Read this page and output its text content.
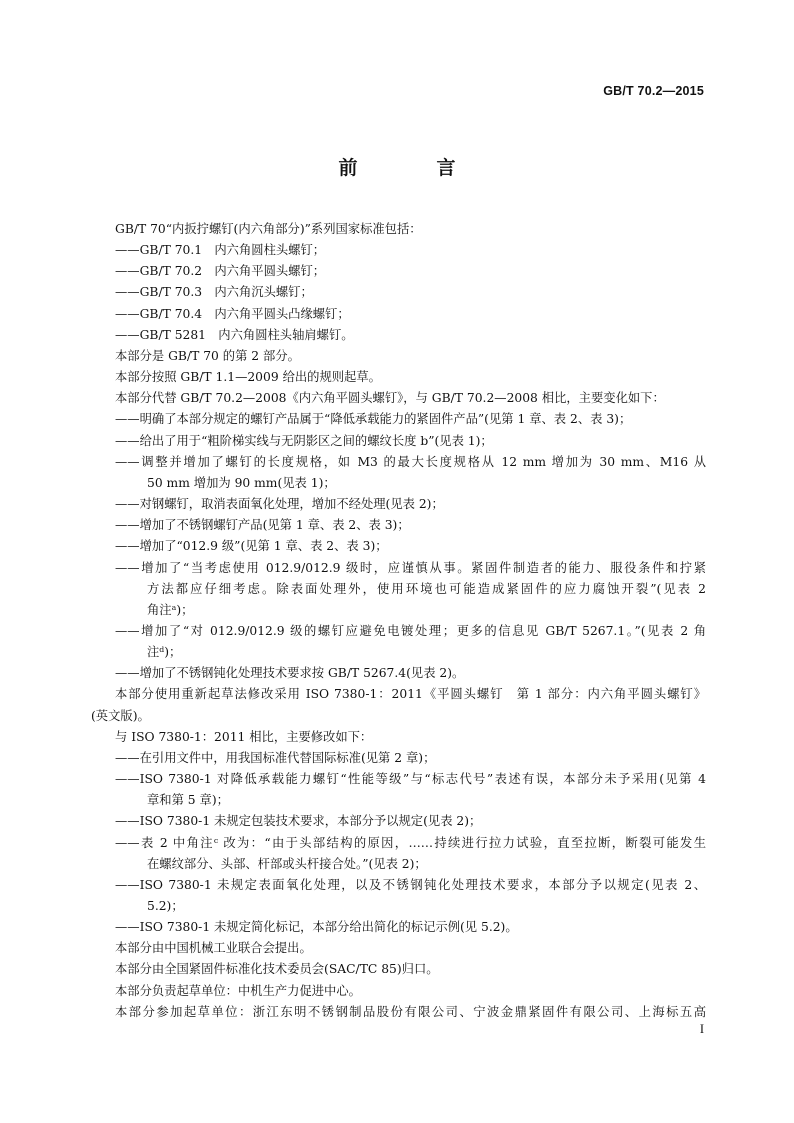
GB/T 70.2—2015
前　言

GB/T 70“内扳拧螺钉(内六角部分)”系列国家标准包括：

——GB/T 70.1　内六角圆柱头螺钉；

——GB/T 70.2　内六角平圆头螺钉；

——GB/T 70.3　内六角沉头螺钉；

——GB/T 70.4　内六角平圆头凸缘螺钉；

——GB/T 5281　内六角圆柱头轴肩螺钉。

本部分是 GB/T 70 的第 2 部分。

本部分按照 GB/T 1.1—2009 给出的规则起草。

本部分代替 GB/T 70.2—2008《内六角平圆头螺钉》，与 GB/T 70.2—2008 相比，主要变化如下：

——明确了本部分规定的螺钉产品属于“降低承载能力的紧固件产品”(见第 1 章、表 2、表 3)；

——给出了用于“粗阶梯实线与无阴影区之间的螺纹长度 b”(见表 1)；

——调整并增加了螺钉的长度规格，如 M3 的最大长度规格从 12 mm 增加为 30 mm、M16 从

50 mm 增加为 90 mm(见表 1)；

——对钢螺钉，取消表面氧化处理，增加不经处理(见表 2)；

——增加了不锈钢螺钉产品(见第 1 章、表 2、表 3)；

——增加了“012.9 级”(见第 1 章、表 2、表 3)；

——增加了“当考虑使用 012.9/012.9 级时，应谨慎从事。紧固件制造者的能力、服役条件和拧紧

方法都应仔细考虑。除表面处理外，使用环境也可能造成紧固件的应力腐蚀开裂”(见表 2

角注ᵃ)；

——增加了“对 012.9/012.9 级的螺钉应避免电镀处理；更多的信息见 GB/T 5267.1。”(见表 2 角

注ᵈ)；

——增加了不锈钢钝化处理技术要求按 GB/T 5267.4(见表 2)。

本部分使用重新起草法修改采用 ISO 7380-1：2011《平圆头螺钉　第 1 部分：内六角平圆头螺钉》

(英文版)。

与 ISO 7380-1：2011 相比，主要修改如下：

——在引用文件中，用我国标准代替国际标准(见第 2 章)；

——ISO 7380-1 对降低承载能力螺钉“性能等级”与“标志代号”表述有误，本部分未予采用(见第 4

章和第 5 章)；

——ISO 7380-1 未规定包装技术要求，本部分予以规定(见表 2)；

——表 2 中角注ᶜ 改为：“由于头部结构的原因，……持续进行拉力试验，直至拉断，断裂可能发生

在螺纹部分、头部、杆部或头杆接合处。”(见表 2)；

——ISO 7380-1 未规定表面氧化处理，以及不锈钢钝化处理技术要求，本部分予以规定(见表 2、

5.2)；

——ISO 7380-1 未规定简化标记，本部分给出简化的标记示例(见 5.2)。

本部分由中国机械工业联合会提出。

本部分由全国紧固件标准化技术委员会(SAC/TC 85)归口。

本部分负责起草单位：中机生产力促进中心。

本部分参加起草单位：浙江东明不锈钢制品股份有限公司、宁波金鼎紧固件有限公司、上海标五高

I
